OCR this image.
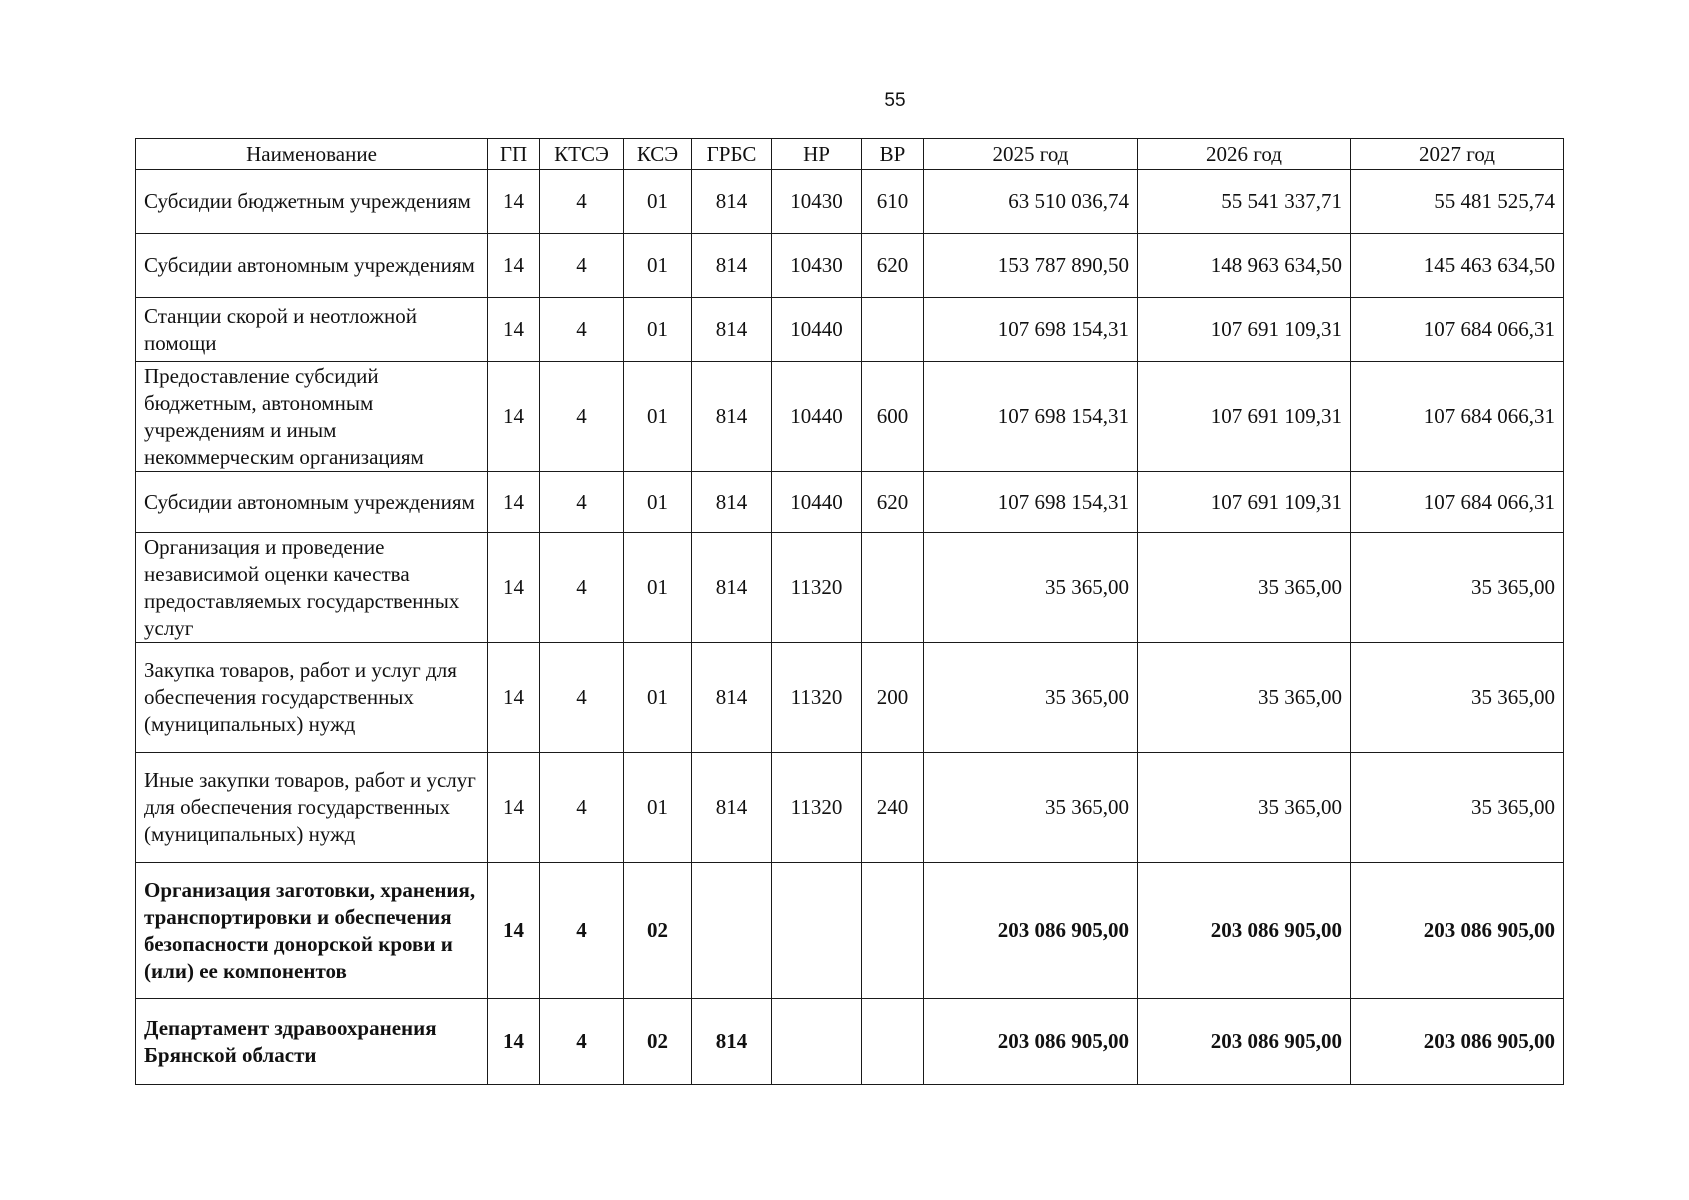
55
Наименование	ГП	КТСЭ	КСЭ	ГРБС	НР	ВР	2025 год	2026 год	2027 год
Субсидии бюджетным учреждениям	14	4	01	814	10430	610	63 510 036,74	55 541 337,71	55 481 525,74
Субсидии автономным учреждениям	14	4	01	814	10430	620	153 787 890,50	148 963 634,50	145 463 634,50
Станции скорой и неотложной помощи	14	4	01	814	10440		107 698 154,31	107 691 109,31	107 684 066,31
Предоставление субсидий бюджетным, автономным учреждениям и иным некоммерческим организациям	14	4	01	814	10440	600	107 698 154,31	107 691 109,31	107 684 066,31
Субсидии автономным учреждениям	14	4	01	814	10440	620	107 698 154,31	107 691 109,31	107 684 066,31
Организация и проведение независимой оценки качества предоставляемых государственных услуг	14	4	01	814	11320		35 365,00	35 365,00	35 365,00
Закупка товаров, работ и услуг для обеспечения государственных (муниципальных) нужд	14	4	01	814	11320	200	35 365,00	35 365,00	35 365,00
Иные закупки товаров, работ и услуг для обеспечения государственных (муниципальных) нужд	14	4	01	814	11320	240	35 365,00	35 365,00	35 365,00
Организация заготовки, хранения, транспортировки и обеспечения безопасности донорской крови и (или) ее компонентов	14	4	02				203 086 905,00	203 086 905,00	203 086 905,00
Департамент здравоохранения Брянской области	14	4	02	814			203 086 905,00	203 086 905,00	203 086 905,00
